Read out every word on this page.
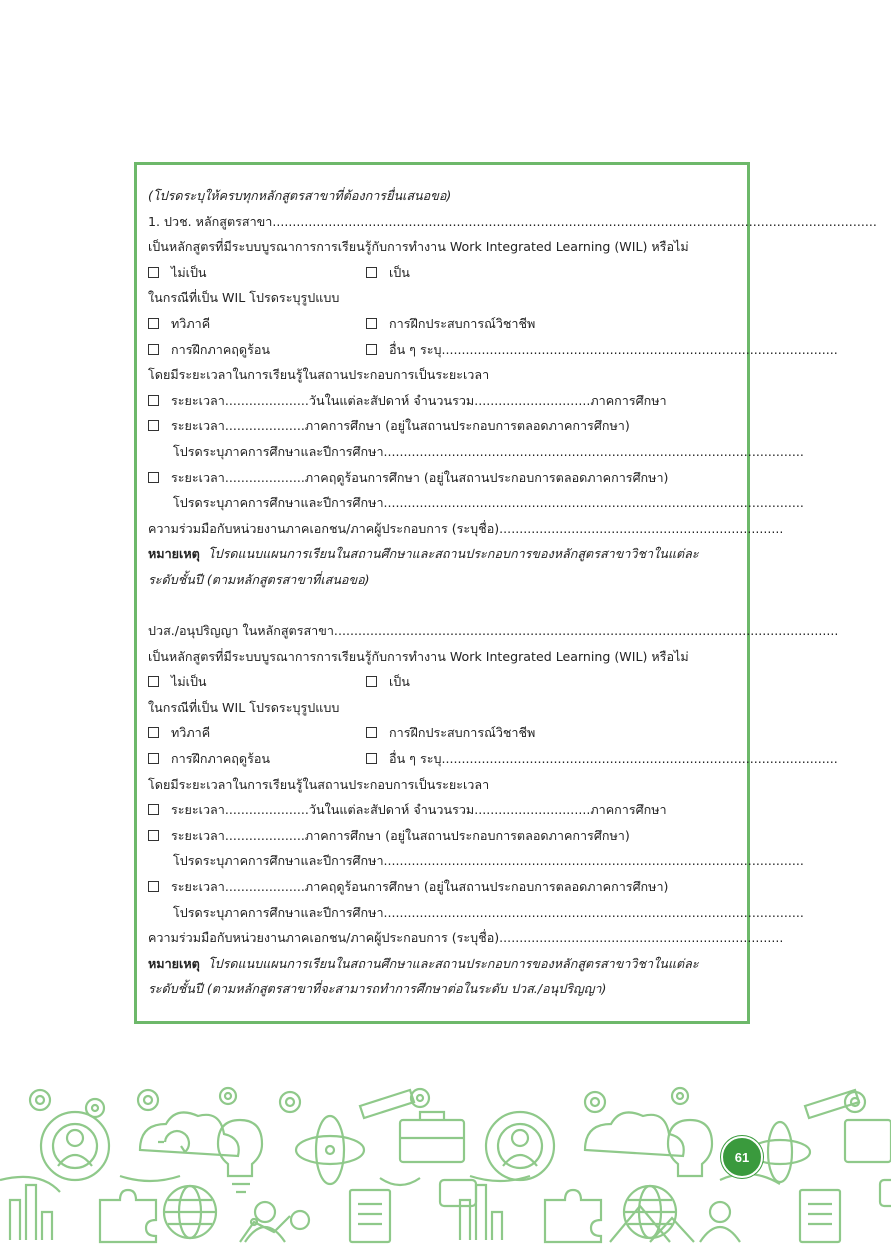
(โปรดระบุให้ครบทุกหลักสูตรสาขาที่ต้องการยื่นเสนอขอ)
1. ปวช. หลักสูตรสาขา.......................................................................................................................................................
เป็นหลักสูตรที่มีระบบบูรณาการการเรียนรู้กับการทำงาน Work Integrated Learning (WIL) หรือไม่
ไม่เป็น	เป็น
ในกรณีที่เป็น WIL โปรดระบุรูปแบบ
ทวิภาคี	การฝึกประสบการณ์วิชาชีพ
การฝึกภาคฤดูร้อน	อื่น ๆ ระบุ...................................................................................................
โดยมีระยะเวลาในการเรียนรู้ในสถานประกอบการเป็นระยะเวลา
ระยะเวลา.....................วันในแต่ละสัปดาห์ จำนวนรวม.............................ภาคการศึกษา
ระยะเวลา....................ภาคการศึกษา (อยู่ในสถานประกอบการตลอดภาคการศึกษา)
โปรดระบุภาคการศึกษาและปีการศึกษา.........................................................................................................
ระยะเวลา....................ภาคฤดูร้อนการศึกษา (อยู่ในสถานประกอบการตลอดภาคการศึกษา)
โปรดระบุภาคการศึกษาและปีการศึกษา.........................................................................................................
ความร่วมมือกับหน่วยงานภาคเอกชน/ภาคผู้ประกอบการ (ระบุชื่อ).......................................................................
หมายเหตุ โปรดแนบแผนการเรียนในสถานศึกษาและสถานประกอบการของหลักสูตรสาขาวิชาในแต่ละ
ระดับชั้นปี (ตามหลักสูตรสาขาที่เสนอขอ)
ปวส./อนุปริญญา ในหลักสูตรสาขา..............................................................................................................................
เป็นหลักสูตรที่มีระบบบูรณาการการเรียนรู้กับการทำงาน Work Integrated Learning (WIL) หรือไม่
ไม่เป็น	เป็น
ในกรณีที่เป็น WIL โปรดระบุรูปแบบ
ทวิภาคี	การฝึกประสบการณ์วิชาชีพ
การฝึกภาคฤดูร้อน	อื่น ๆ ระบุ...................................................................................................
โดยมีระยะเวลาในการเรียนรู้ในสถานประกอบการเป็นระยะเวลา
ระยะเวลา.....................วันในแต่ละสัปดาห์ จำนวนรวม.............................ภาคการศึกษา
ระยะเวลา....................ภาคการศึกษา (อยู่ในสถานประกอบการตลอดภาคการศึกษา)
โปรดระบุภาคการศึกษาและปีการศึกษา.........................................................................................................
ระยะเวลา....................ภาคฤดูร้อนการศึกษา (อยู่ในสถานประกอบการตลอดภาคการศึกษา)
โปรดระบุภาคการศึกษาและปีการศึกษา.........................................................................................................
ความร่วมมือกับหน่วยงานภาคเอกชน/ภาคผู้ประกอบการ (ระบุชื่อ).......................................................................
หมายเหตุ โปรดแนบแผนการเรียนในสถานศึกษาและสถานประกอบการของหลักสูตรสาขาวิชาในแต่ละ
ระดับชั้นปี (ตามหลักสูตรสาขาที่จะสามารถทำการศึกษาต่อในระดับ ปวส./อนุปริญญา)
61
